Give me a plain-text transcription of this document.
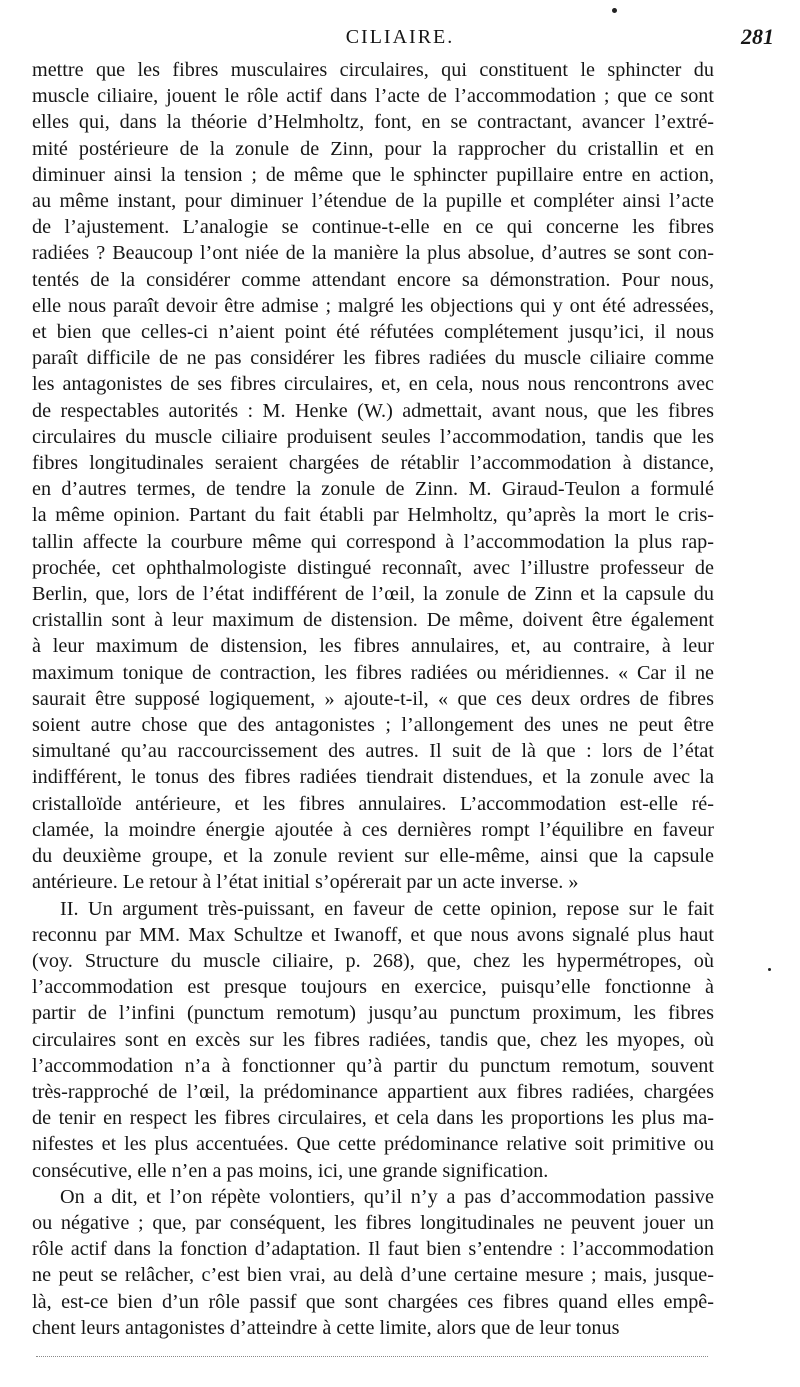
CILIAIRE.	281

mettre que les fibres musculaires circulaires, qui constituent le sphincter du

muscle ciliaire, jouent le rôle actif dans l’acte de l’accommodation ; que ce sont

elles qui, dans la théorie d’Helmholtz, font, en se contractant, avancer l’extré-

mité postérieure de la zonule de Zinn, pour la rapprocher du cristallin et en

diminuer ainsi la tension ; de même que le sphincter pupillaire entre en action,

au même instant, pour diminuer l’étendue de la pupille et compléter ainsi l’acte

de l’ajustement. L’analogie se continue-t-elle en ce qui concerne les fibres

radiées ? Beaucoup l’ont niée de la manière la plus absolue, d’autres se sont con-

tentés de la considérer comme attendant encore sa démonstration. Pour nous,

elle nous paraît devoir être admise ; malgré les objections qui y ont été adressées,

et bien que celles-ci n’aient point été réfutées complétement jusqu’ici, il nous

paraît difficile de ne pas considérer les fibres radiées du muscle ciliaire comme

les antagonistes de ses fibres circulaires, et, en cela, nous nous rencontrons avec

de respectables autorités : M. Henke (W.) admettait, avant nous, que les fibres

circulaires du muscle ciliaire produisent seules l’accommodation, tandis que les

fibres longitudinales seraient chargées de rétablir l’accommodation à distance,

en d’autres termes, de tendre la zonule de Zinn. M. Giraud-Teulon a formulé

la même opinion. Partant du fait établi par Helmholtz, qu’après la mort le cris-

tallin affecte la courbure même qui correspond à l’accommodation la plus rap-

prochée, cet ophthalmologiste distingué reconnaît, avec l’illustre professeur de

Berlin, que, lors de l’état indifférent de l’œil, la zonule de Zinn et la capsule du

cristallin sont à leur maximum de distension. De même, doivent être également

à leur maximum de distension, les fibres annulaires, et, au contraire, à leur

maximum tonique de contraction, les fibres radiées ou méridiennes. « Car il ne

saurait être supposé logiquement, » ajoute-t-il, « que ces deux ordres de fibres

soient autre chose que des antagonistes ; l’allongement des unes ne peut être

simultané qu’au raccourcissement des autres. Il suit de là que : lors de l’état

indifférent, le tonus des fibres radiées tiendrait distendues, et la zonule avec la

cristalloïde antérieure, et les fibres annulaires. L’accommodation est-elle ré-

clamée, la moindre énergie ajoutée à ces dernières rompt l’équilibre en faveur

du deuxième groupe, et la zonule revient sur elle-même, ainsi que la capsule

antérieure. Le retour à l’état initial s’opérerait par un acte inverse. »

II. Un argument très-puissant, en faveur de cette opinion, repose sur le fait

reconnu par MM. Max Schultze et Iwanoff, et que nous avons signalé plus haut

(voy. Structure du muscle ciliaire, p. 268), que, chez les hypermétropes, où

l’accommodation est presque toujours en exercice, puisqu’elle fonctionne à

partir de l’infini (punctum remotum) jusqu’au punctum proximum, les fibres

circulaires sont en excès sur les fibres radiées, tandis que, chez les myopes, où

l’accommodation n’a à fonctionner qu’à partir du punctum remotum, souvent

très-rapproché de l’œil, la prédominance appartient aux fibres radiées, chargées

de tenir en respect les fibres circulaires, et cela dans les proportions les plus ma-

nifestes et les plus accentuées. Que cette prédominance relative soit primitive ou

consécutive, elle n’en a pas moins, ici, une grande signification.

On a dit, et l’on répète volontiers, qu’il n’y a pas d’accommodation passive

ou négative ; que, par conséquent, les fibres longitudinales ne peuvent jouer un

rôle actif dans la fonction d’adaptation. Il faut bien s’entendre : l’accommodation

ne peut se relâcher, c’est bien vrai, au delà d’une certaine mesure ; mais, jusque-

là, est-ce bien d’un rôle passif que sont chargées ces fibres quand elles empê-

chent leurs antagonistes d’atteindre à cette limite, alors que de leur tonus
